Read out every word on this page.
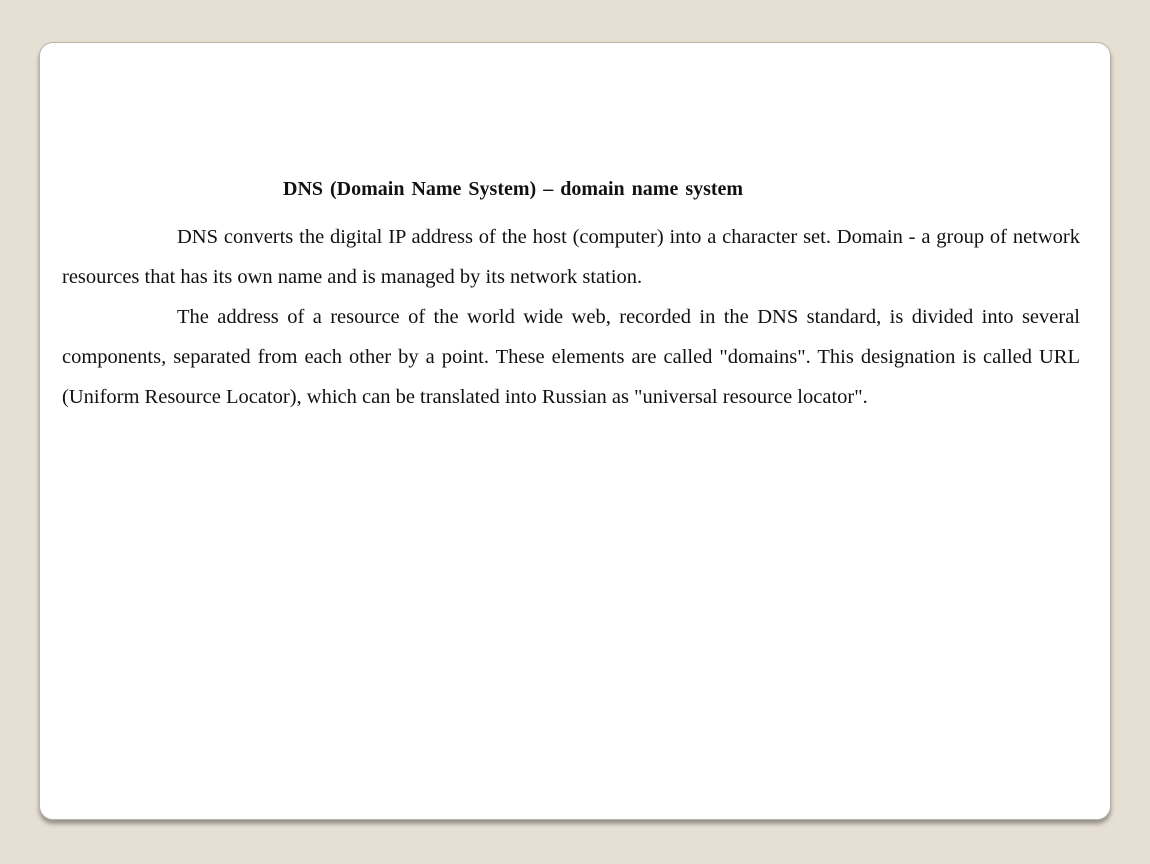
DNS (Domain Name System) – domain name system

DNS converts the digital IP address of the host (computer) into a character set. Domain - a group of network resources that has its own name and is managed by its network station.

The address of a resource of the world wide web, recorded in the DNS standard, is divided into several components, separated from each other by a point. These elements are called "domains". This designation is called URL (Uniform Resource Locator), which can be translated into Russian as "universal resource locator".
